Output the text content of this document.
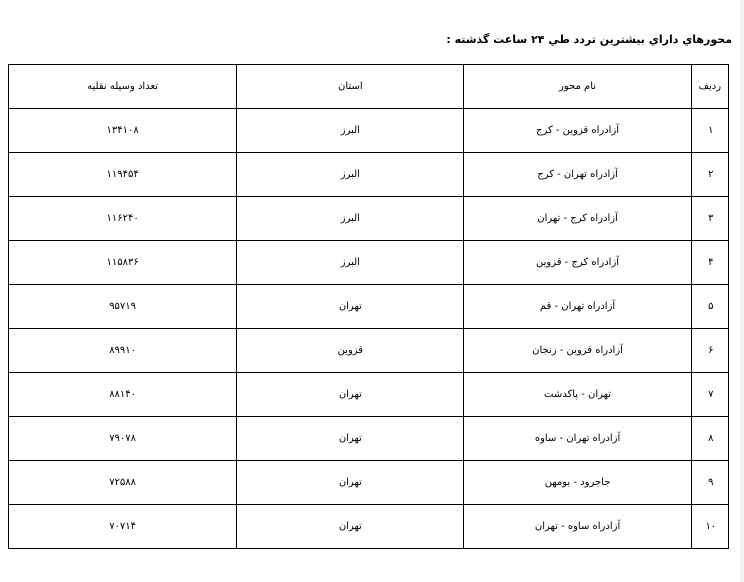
محورهاي داراي بيشترين تردد طي ۲۴ ساعت گذشته :
رديف	نام محور	استان	تعداد وسيله نقليه
۱	آزادراه قزوين - كرج	البرز	۱۳۴۱۰۸
۲	آزادراه تهران - كرج	البرز	۱۱۹۴۵۴
۳	آزادراه كرج - تهران	البرز	۱۱۶۲۴۰
۴	آزادراه كرج - قزوين	البرز	۱۱۵۸۳۶
۵	آزادراه تهران - قم	تهران	۹۵۷۱۹
۶	آزادراه قزوين - زنجان	قزوين	۸۹۹۱۰
۷	تهران - پاكدشت	تهران	۸۸۱۴۰
۸	آزادراه تهران - ساوه	تهران	۷۹۰۷۸
۹	جاجرود - بومهن	تهران	۷۲۵۸۸
۱۰	آزادراه ساوه - تهران	تهران	۷۰۷۱۴
